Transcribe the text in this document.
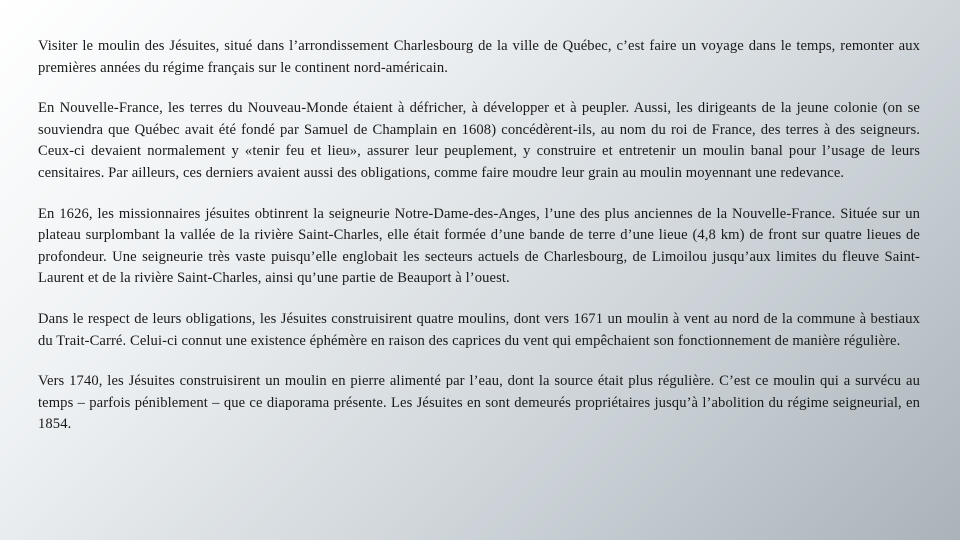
Visiter le moulin des Jésuites, situé dans l’arrondissement Charlesbourg de la ville de Québec, c’est faire un voyage dans le temps, remonter aux premières années du régime français sur le continent nord-américain.

En Nouvelle-France, les terres du Nouveau-Monde étaient à défricher, à développer et à peupler. Aussi, les dirigeants de la jeune colonie (on se souviendra que Québec avait été fondé par Samuel de Champlain en 1608) concédèrent-ils, au nom du roi de France, des terres à des seigneurs. Ceux-ci devaient normalement y «tenir feu et lieu», assurer leur peuplement, y construire et entretenir un moulin banal pour l’usage de leurs censitaires. Par ailleurs, ces derniers avaient aussi des obligations, comme faire moudre leur grain au moulin moyennant une redevance.

En 1626, les missionnaires jésuites obtinrent la seigneurie Notre-Dame-des-Anges, l’une des plus anciennes de la Nouvelle-France. Située sur un plateau surplombant la vallée de la rivière Saint-Charles, elle était formée d’une bande de terre d’une lieue (4,8 km) de front sur quatre lieues de profondeur. Une seigneurie très vaste puisqu’elle englobait les secteurs actuels de Charlesbourg, de Limoilou jusqu’aux limites du fleuve Saint-Laurent et de la rivière Saint-Charles, ainsi qu’une partie de Beauport à l’ouest.

Dans le respect de leurs obligations, les Jésuites construisirent quatre moulins, dont vers 1671 un moulin à vent au nord de la commune à bestiaux du Trait-Carré. Celui-ci connut une existence éphémère en raison des caprices du vent qui empêchaient son fonctionnement de manière régulière.

Vers 1740, les Jésuites construisirent un moulin en pierre alimenté par l’eau, dont la source était plus régulière. C’est ce moulin qui a survécu au temps – parfois péniblement – que ce diaporama présente. Les Jésuites en sont demeurés propriétaires jusqu’à l’abolition du régime seigneurial, en 1854.
